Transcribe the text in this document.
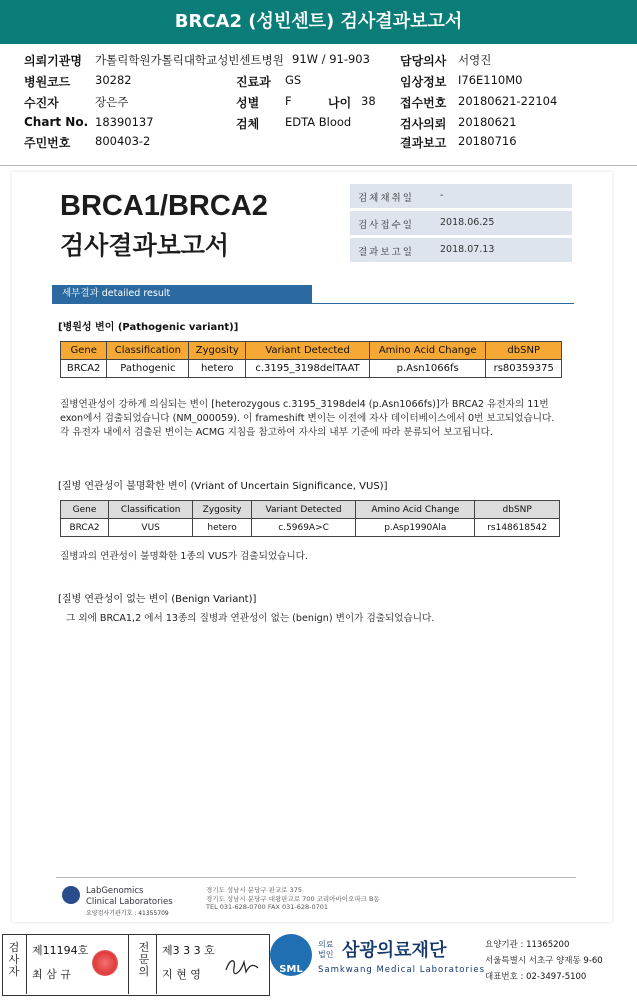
BRCA2 (성빈센트) 검사결과보고서
의뢰기관명 가톨릭학원가톨릭대학교성빈센트병원 91W / 91-903	담당의사 서영진
병원코드 30282	진료과 GS	임상정보 I76E110M0
수진자	장은주	성별 F	나이 38 접수번호 20180621-22104
Chart No. 18390137	검체 EDTA Blood	검사의뢰 20180621
주민번호 800403-2	결과보고 20180716
BRCA1/BRCA2
검사결과보고서
검체채취일	-
검사접수일	2018.06.25
결과보고일	2018.07.13
세부결과 detailed result
[병원성 변이 (Pathogenic variant)]
Gene	Classification	Zygosity	Variant Detected	Amino Acid Change	dbSNP
BRCA2	Pathogenic	hetero	c.3195_3198delTAAT	p.Asn1066fs	rs80359375
질병연관성이 강하게 의심되는 변이 [heterozygous c.3195_3198del4 (p.Asn1066fs)]가 BRCA2 유전자의 11번 exon에서 검출되었습니다 (NM_000059). 이 frameshift 변이는 이전에 자사 데이터베이스에서 0번 보고되었습니다. 각 유전자 내에서 검출된 변이는 ACMG 지침을 참고하여 자사의 내부 기준에 따라 분류되어 보고됩니다.
[질병 연관성이 불명확한 변이 (Vriant of Uncertain Significance, VUS)]
Gene	Classification	Zygosity	Variant Detected	Amino Acid Change	dbSNP
BRCA2	VUS	hetero	c.5969A>C	p.Asp1990Ala	rs148618542
질병과의 연관성이 불명확한 1종의 VUS가 검출되었습니다.
[질병 연관성이 없는 변이 (Benign Variant)]
그 외에 BRCA1,2 에서 13종의 질병과 연관성이 없는 (benign) 변이가 검출되었습니다.
LabGenomics
Clinical Laboratories
요양검사기관기호 : 41355709
경기도 성남시 분당구 판교로 375
경기도 성남시 분당구 대왕판교로 700 코리아바이오파크 B동
TEL 031-628-0700 FAX 031-628-0701
검사자
제11194호
최 삼 규
전문의
제3 3 3 호
지 현 영	SML
의료
법인 삼광의료재단
Samkwang Medical Laboratories
요양기관 : 11365200
서울특별시 서초구 양재동 9-60
대표번호 : 02-3497-5100
